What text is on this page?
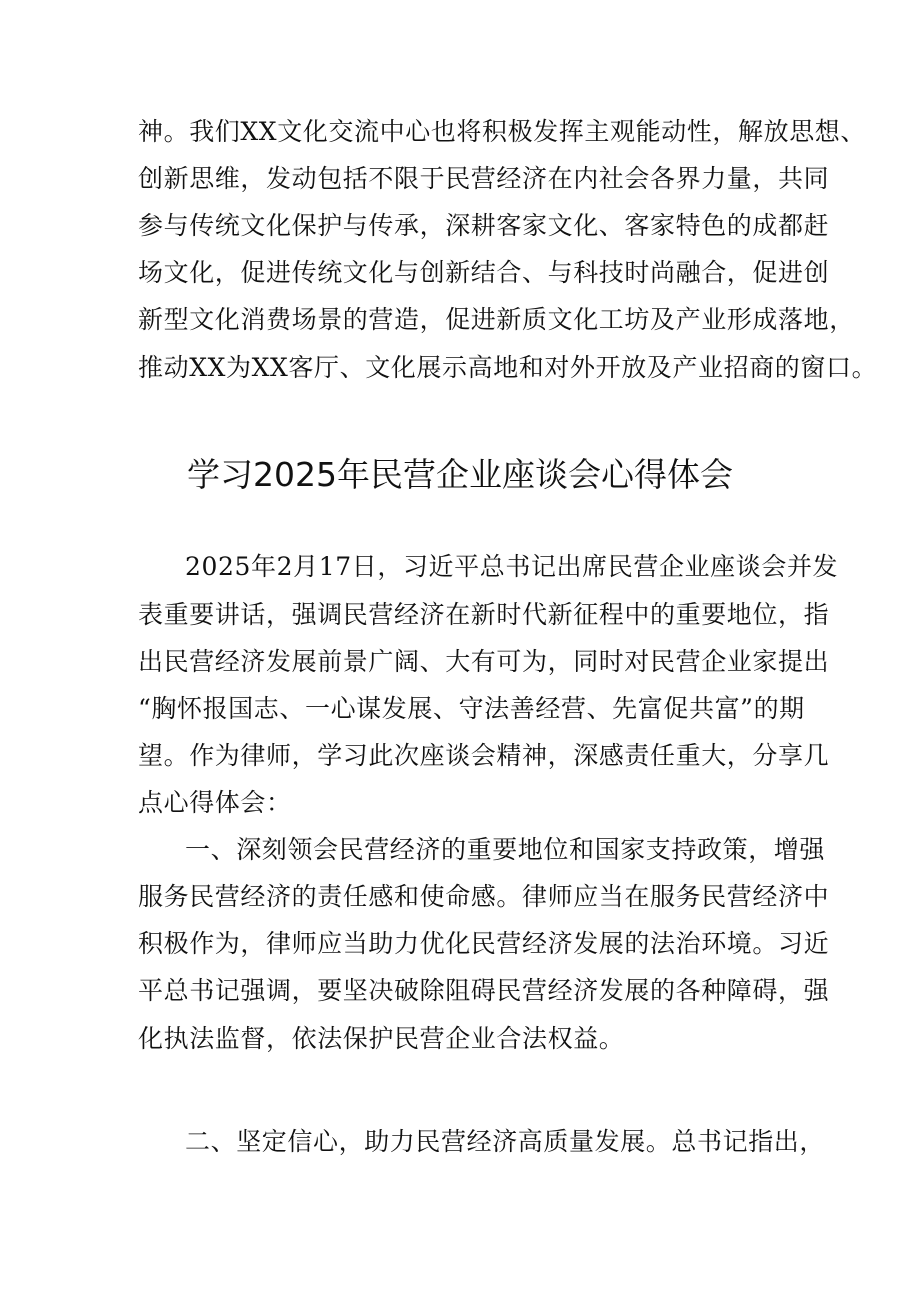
神。我们XX文化交流中心也将积极发挥主观能动性，解放思想、
创新思维，发动包括不限于民营经济在内社会各界力量，共同
参与传统文化保护与传承，深耕客家文化、客家特色的成都赶
场文化，促进传统文化与创新结合、与科技时尚融合，促进创
新型文化消费场景的营造，促进新质文化工坊及产业形成落地，
推动XX为XX客厅、文化展示高地和对外开放及产业招商的窗口。
学习2025年民营企业座谈会心得体会
2025年2月17日，习近平总书记出席民营企业座谈会并发
表重要讲话，强调民营经济在新时代新征程中的重要地位，指
出民营经济发展前景广阔、大有可为，同时对民营企业家提出
“胸怀报国志、一心谋发展、守法善经营、先富促共富”的期
望。作为律师，学习此次座谈会精神，深感责任重大，分享几
点心得体会：
一、深刻领会民营经济的重要地位和国家支持政策，增强
服务民营经济的责任感和使命感。律师应当在服务民营经济中
积极作为，律师应当助力优化民营经济发展的法治环境。习近
平总书记强调，要坚决破除阻碍民营经济发展的各种障碍，强
化执法监督，依法保护民营企业合法权益。
二、坚定信心，助力民营经济高质量发展。总书记指出，
